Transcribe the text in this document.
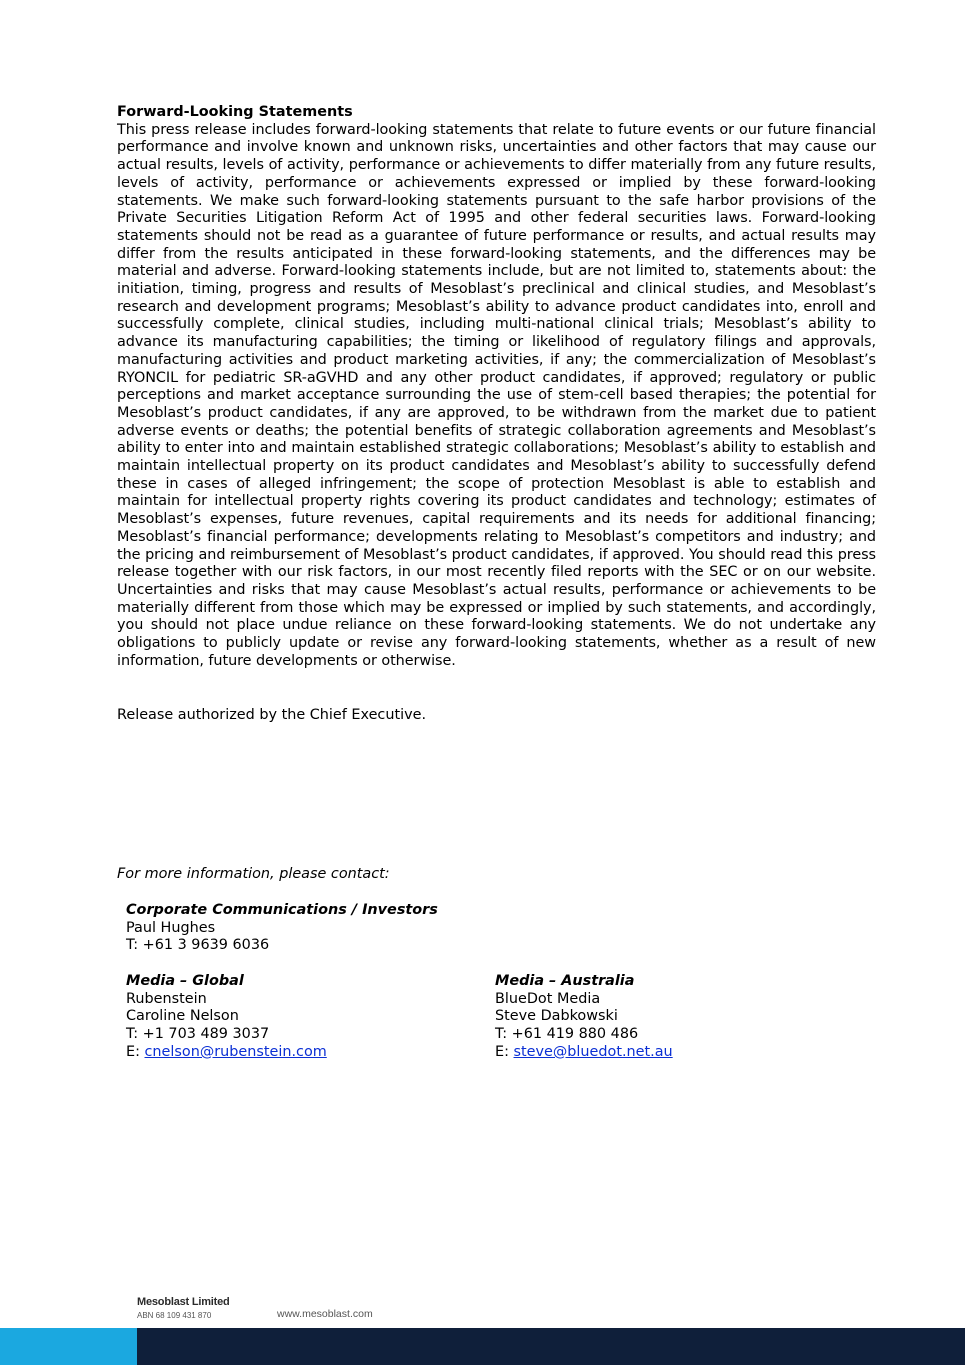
Forward-Looking Statements

This press release includes forward-looking statements that relate to future events or our future financial performance and involve known and unknown risks, uncertainties and other factors that may cause our actual results, levels of activity, performance or achievements to differ materially from any future results, levels of activity, performance or achievements expressed or implied by these forward-looking statements. We make such forward-looking statements pursuant to the safe harbor provisions of the Private Securities Litigation Reform Act of 1995 and other federal securities laws. Forward-looking statements should not be read as a guarantee of future performance or results, and actual results may differ from the results anticipated in these forward-looking statements, and the differences may be material and adverse. Forward-looking statements include, but are not limited to, statements about: the initiation, timing, progress and results of Mesoblast’s preclinical and clinical studies, and Mesoblast’s research and development programs; Mesoblast’s ability to advance product candidates into, enroll and successfully complete, clinical studies, including multi-national clinical trials; Mesoblast’s ability to advance its manufacturing capabilities; the timing or likelihood of regulatory filings and approvals, manufacturing activities and product marketing activities, if any; the commercialization of Mesoblast’s RYONCIL for pediatric SR-aGVHD and any other product candidates, if approved; regulatory or public perceptions and market acceptance surrounding the use of stem-cell based therapies; the potential for Mesoblast’s product candidates, if any are approved, to be withdrawn from the market due to patient adverse events or deaths; the potential benefits of strategic collaboration agreements and Mesoblast’s ability to enter into and maintain established strategic collaborations; Mesoblast’s ability to establish and maintain intellectual property on its product candidates and Mesoblast’s ability to successfully defend these in cases of alleged infringement; the scope of protection Mesoblast is able to establish and maintain for intellectual property rights covering its product candidates and technology; estimates of Mesoblast’s expenses, future revenues, capital requirements and its needs for additional financing; Mesoblast’s financial performance; developments relating to Mesoblast’s competitors and industry; and the pricing and reimbursement of Mesoblast’s product candidates, if approved. You should read this press release together with our risk factors, in our most recently filed reports with the SEC or on our website. Uncertainties and risks that may cause Mesoblast’s actual results, performance or achievements to be materially different from those which may be expressed or implied by such statements, and accordingly, you should not place undue reliance on these forward-looking statements. We do not undertake any obligations to publicly update or revise any forward-looking statements, whether as a result of new information, future developments or otherwise.

Release authorized by the Chief Executive.

For more information, please contact:

Corporate Communications / Investors
Paul Hughes
T: +61 3 9639 6036
Media – Global
Rubenstein
Caroline Nelson
T: +1 703 489 3037
E: cnelson@rubenstein.com
Media – Australia
BlueDot Media
Steve Dabkowski
T: +61 419 880 486
E: steve@bluedot.net.au
Mesoblast Limited
ABN 68 109 431 870	www.mesoblast.com
